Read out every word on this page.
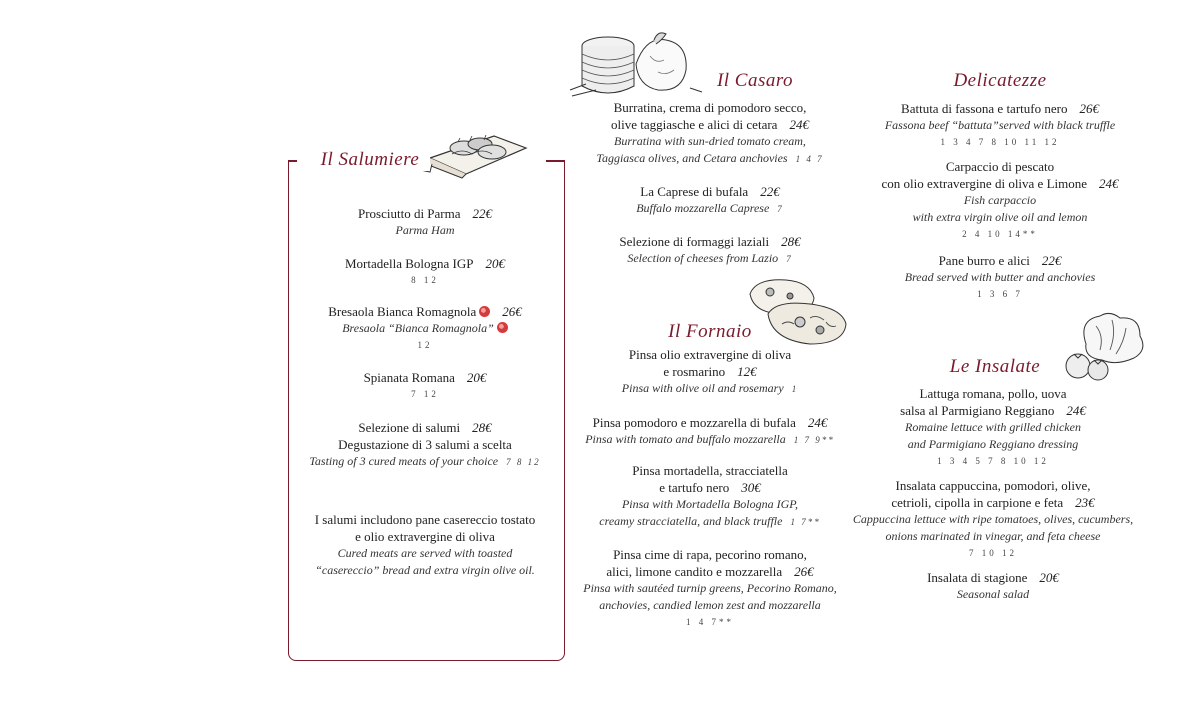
Il Salumiere
Prosciutto di Parma 22€
Parma Ham
Mortadella Bologna IGP 20€
8 12
Bresaola Bianca Romagnola 26€
Bresaola “Bianca Romagnola”
12
Spianata Romana 20€
7 12
Selezione di salumi 28€
Degustazione di 3 salumi a scelta
Tasting of 3 cured meats of your choice 7 8 12
I salumi includono pane casereccio tostato
e olio extravergine di oliva
Cured meats are served with toasted
“casereccio” bread and extra virgin olive oil.
Il Casaro
Burratina, crema di pomodoro secco,
olive taggiasche e alici di cetara 24€
Burratina with sun-dried tomato cream,
Taggiasca olives, and Cetara anchovies 1 4 7
La Caprese di bufala 22€
Buffalo mozzarella Caprese 7
Selezione di formaggi laziali 28€
Selection of cheeses from Lazio 7
Il Fornaio
Pinsa olio extravergine di oliva
e rosmarino 12€
Pinsa with olive oil and rosemary 1
Pinsa pomodoro e mozzarella di bufala 24€
Pinsa with tomato and buffalo mozzarella 1 7 9**
Pinsa mortadella, stracciatella
e tartufo nero 30€
Pinsa with Mortadella Bologna IGP,
creamy stracciatella, and black truffle 1 7**
Pinsa cime di rapa, pecorino romano,
alici, limone candito e mozzarella 26€
Pinsa with sautéed turnip greens, Pecorino Romano,
anchovies, candied lemon zest and mozzarella
1 4 7**
Delicatezze
Battuta di fassona e tartufo nero 26€
Fassona beef “battuta”served with black truffle
1 3 4 7 8 10 11 12
Carpaccio di pescato
con olio extravergine di oliva e Limone 24€
Fish carpaccio
with extra virgin olive oil and lemon
2 4 10 14**
Pane burro e alici 22€
Bread served with butter and anchovies
1 3 6 7
Le Insalate
Lattuga romana, pollo, uova
salsa al Parmigiano Reggiano 24€
Romaine lettuce with grilled chicken
and Parmigiano Reggiano dressing
1 3 4 5 7 8 10 12
Insalata cappuccina, pomodori, olive,
cetrioli, cipolla in carpione e feta 23€
Cappuccina lettuce with ripe tomatoes, olives, cucumbers,
onions marinated in vinegar, and feta cheese
7 10 12
Insalata di stagione 20€
Seasonal salad
